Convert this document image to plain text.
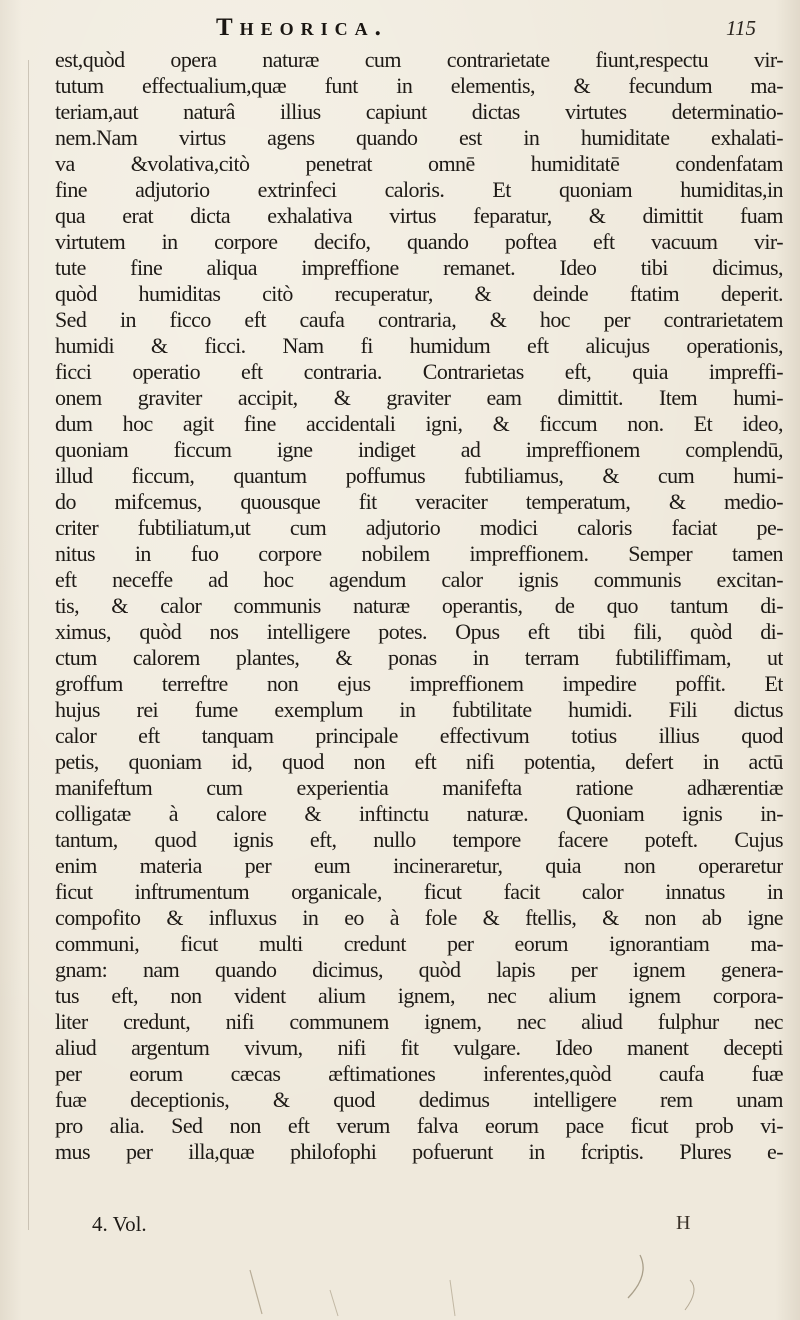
Theorica.	115
est,quòd opera naturæ cum contrarietate fiunt,respectu vir-
tutum effectualium,quæ funt in elementis, & fecundum ma-
teriam,aut naturâ illius capiunt dictas virtutes determinatio-
nem.Nam virtus agens quando est in humiditate exhalati-
va &volativa,citò penetrat omnē humiditatē condenfatam
fine adjutorio extrinfeci caloris. Et quoniam humiditas,in
qua erat dicta exhalativa virtus feparatur, & dimittit fuam
virtutem in corpore decifo, quando poftea eft vacuum vir-
tute fine aliqua impreffione remanet. Ideo tibi dicimus,
quòd humiditas citò recuperatur, & deinde ftatim deperit.
Sed in ficco eft caufa contraria, & hoc per contrarietatem
humidi & ficci. Nam fi humidum eft alicujus operationis,
ficci operatio eft contraria. Contrarietas eft, quia impreffi-
onem graviter accipit, & graviter eam dimittit. Item humi-
dum hoc agit fine accidentali igni, & ficcum non. Et ideo,
quoniam ficcum igne indiget ad impreffionem complendū,
illud ficcum, quantum poffumus fubtiliamus, & cum humi-
do mifcemus, quousque fit veraciter temperatum, & medio-
criter fubtiliatum,ut cum adjutorio modici caloris faciat pe-
nitus in fuo corpore nobilem impreffionem. Semper tamen
eft neceffe ad hoc agendum calor ignis communis excitan-
tis, & calor communis naturæ operantis, de quo tantum di-
ximus, quòd nos intelligere potes. Opus eft tibi fili, quòd di-
ctum calorem plantes, & ponas in terram fubtiliffimam, ut
groffum terreftre non ejus impreffionem impedire poffit. Et
hujus rei fume exemplum in fubtilitate humidi. Fili dictus
calor eft tanquam principale effectivum totius illius quod
petis, quoniam id, quod non eft nifi potentia, defert in actū
manifeftum cum experientia manifefta ratione adhærentiæ
colligatæ à calore & inftinctu naturæ. Quoniam ignis in-
tantum, quod ignis eft, nullo tempore facere poteft. Cujus
enim materia per eum incineraretur, quia non operaretur
ficut inftrumentum organicale, ficut facit calor innatus in
compofito & influxus in eo à fole & ftellis, & non ab igne
communi, ficut multi credunt per eorum ignorantiam ma-
gnam: nam quando dicimus, quòd lapis per ignem genera-
tus eft, non vident alium ignem, nec alium ignem corpora-
liter credunt, nifi communem ignem, nec aliud fulphur nec
aliud argentum vivum, nifi fit vulgare. Ideo manent decepti
per eorum cæcas æftimationes inferentes,quòd caufa fuæ
fuæ deceptionis, & quod dedimus intelligere rem unam
pro alia. Sed non eft verum falva eorum pace ficut prob vi-
mus per illa,quæ philofophi pofuerunt in fcriptis. Plures e-
4. Vol.	H
